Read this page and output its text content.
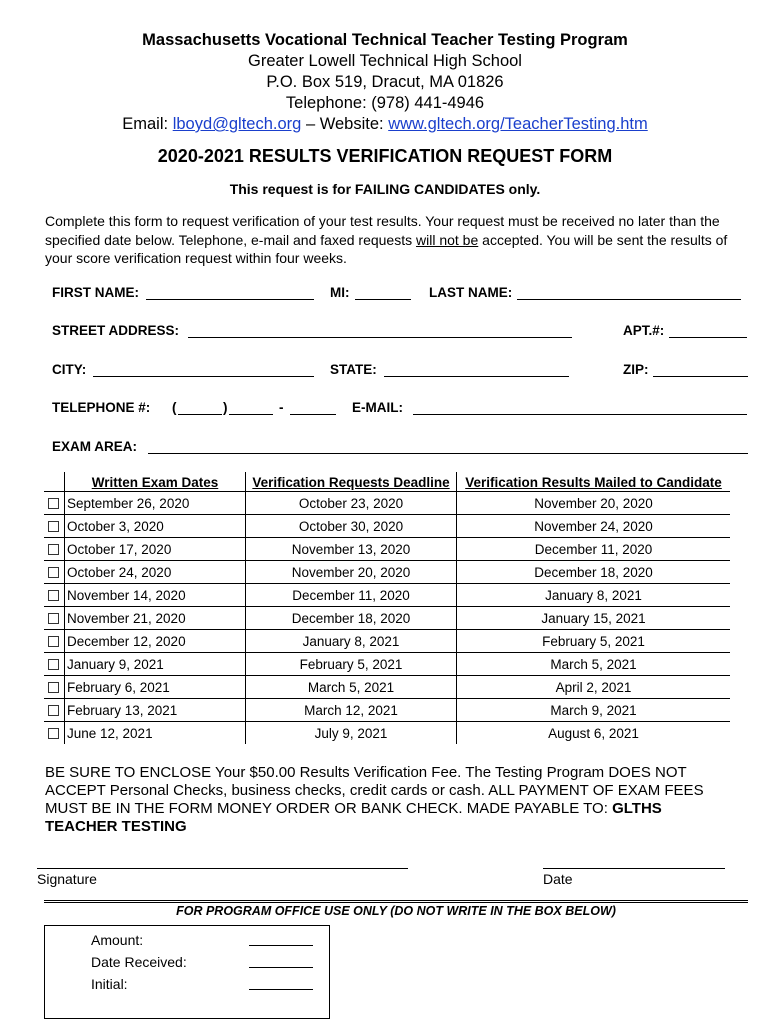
Massachusetts Vocational Technical Teacher Testing Program
Greater Lowell Technical High School
P.O. Box 519, Dracut, MA 01826
Telephone: (978) 441-4946
Email: lboyd@gltech.org – Website: www.gltech.org/TeacherTesting.htm
2020-2021 RESULTS VERIFICATION REQUEST FORM
This request is for FAILING CANDIDATES only.
Complete this form to request verification of your test results. Your request must be received no later than the specified date below. Telephone, e-mail and faxed requests will not be accepted. You will be sent the results of your score verification request within four weeks.
FIRST NAME:	MI:	LAST NAME:
STREET ADDRESS:	APT.#:
CITY:	STATE:	ZIP:
TELEPHONE #: (	)	-	E-MAIL:
EXAM AREA:
	Written Exam Dates	Verification Requests Deadline	Verification Results Mailed to Candidate
	September 26, 2020	October 23, 2020	November 20, 2020
	October 3, 2020	October 30, 2020	November 24, 2020
	October 17, 2020	November 13, 2020	December 11, 2020
	October 24, 2020	November 20, 2020	December 18, 2020
	November 14, 2020	December 11, 2020	January 8, 2021
	November 21, 2020	December 18, 2020	January 15, 2021
	December 12, 2020	January 8, 2021	February 5, 2021
	January 9, 2021	February 5, 2021	March 5, 2021
	February 6, 2021	March 5, 2021	April 2, 2021
	February 13, 2021	March 12, 2021	March 9, 2021
	June 12, 2021	July 9, 2021	August 6, 2021
BE SURE TO ENCLOSE Your $50.00 Results Verification Fee. The Testing Program DOES NOT ACCEPT Personal Checks, business checks, credit cards or cash. ALL PAYMENT OF EXAM FEES MUST BE IN THE FORM MONEY ORDER OR BANK CHECK. MADE PAYABLE TO: GLTHS TEACHER TESTING
Signature	Date
FOR PROGRAM OFFICE USE ONLY (DO NOT WRITE IN THE BOX BELOW)
Amount:
Date Received:
Initial:
